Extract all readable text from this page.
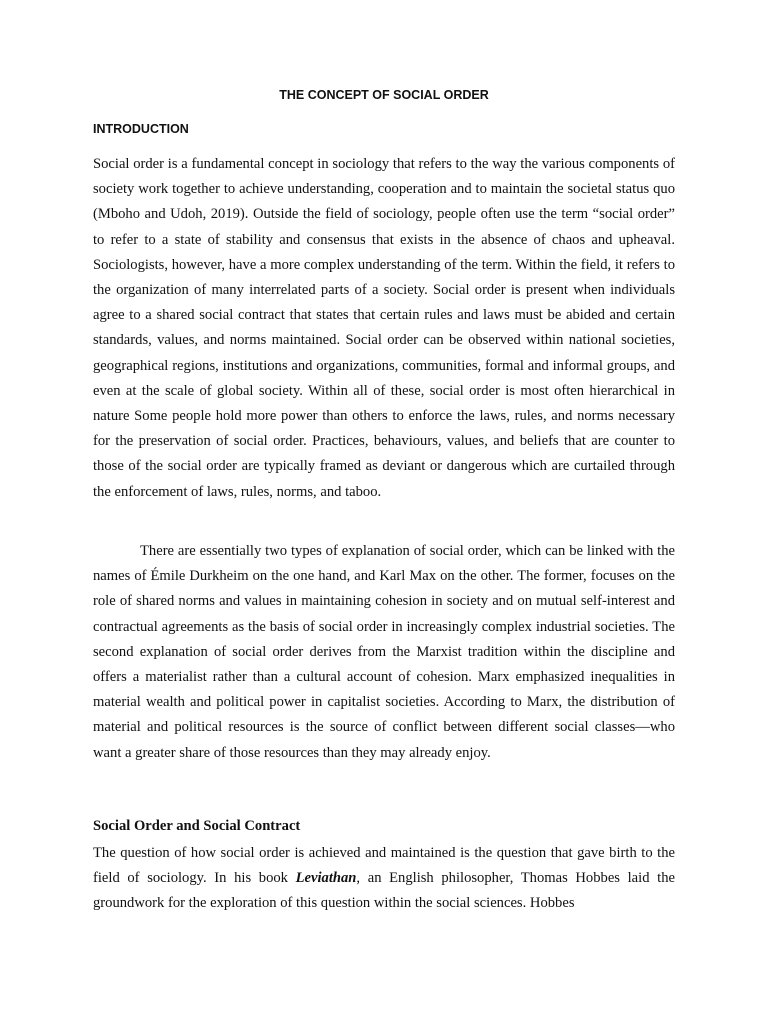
THE CONCEPT OF SOCIAL ORDER
INTRODUCTION

Social order is a fundamental concept in sociology that refers to the way the various components of society work together to achieve understanding, cooperation and to maintain the societal status quo (Mboho and Udoh, 2019). Outside the field of sociology, people often use the term “social order” to refer to a state of stability and consensus that exists in the absence of chaos and upheaval. Sociologists, however, have a more complex understanding of the term. Within the field, it refers to the organization of many interrelated parts of a society. Social order is present when individuals agree to a shared social contract that states that certain rules and laws must be abided and certain standards, values, and norms maintained. Social order can be observed within national societies, geographical regions, institutions and organizations, communities, formal and informal groups, and even at the scale of global society. Within all of these, social order is most often hierarchical in nature Some people hold more power than others to enforce the laws, rules, and norms necessary for the preservation of social order. Practices, behaviours, values, and beliefs that are counter to those of the social order are typically framed as deviant or dangerous which are curtailed through the enforcement of laws, rules, norms, and taboo.

There are essentially two types of explanation of social order, which can be linked with the names of Émile Durkheim on the one hand, and Karl Max on the other. The former, focuses on the role of shared norms and values in maintaining cohesion in society and on mutual self-interest and contractual agreements as the basis of social order in increasingly complex industrial societies. The second explanation of social order derives from the Marxist tradition within the discipline and offers a materialist rather than a cultural account of cohesion. Marx emphasized inequalities in material wealth and political power in capitalist societies. According to Marx, the distribution of material and political resources is the source of conflict between different social classes—who want a greater share of those resources than they may already enjoy.

Social Order and Social Contract

The question of how social order is achieved and maintained is the question that gave birth to the field of sociology. In his book Leviathan, an English philosopher, Thomas Hobbes laid the groundwork for the exploration of this question within the social sciences. Hobbes
